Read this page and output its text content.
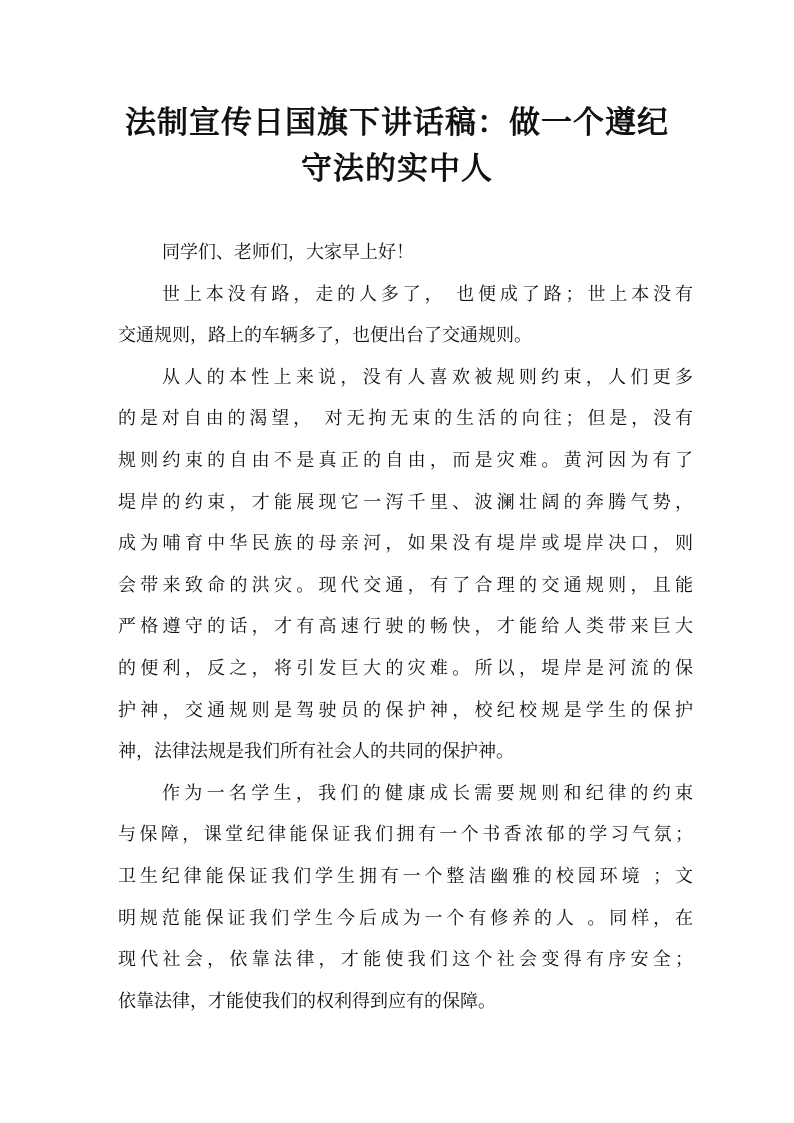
法制宣传日国旗下讲话稿：做一个遵纪
守法的实中人
同学们、老师们，大家早上好！
世上本没有路，走的人多了， 也便成了路；世上本没有
交通规则，路上的车辆多了，也便出台了交通规则。
从人的本性上来说，没有人喜欢被规则约束，人们更多
的是对自由的渴望， 对无拘无束的生活的向往；但是，没有
规则约束的自由不是真正的自由，而是灾难。黄河因为有了
堤岸的约束，才能展现它一泻千里、波澜壮阔的奔腾气势，
成为哺育中华民族的母亲河，如果没有堤岸或堤岸决口，则
会带来致命的洪灾。现代交通，有了合理的交通规则，且能
严格遵守的话，才有高速行驶的畅快，才能给人类带来巨大
的便利，反之，将引发巨大的灾难。所以，堤岸是河流的保
护神，交通规则是驾驶员的保护神，校纪校规是学生的保护
神，法律法规是我们所有社会人的共同的保护神。
作为一名学生，我们的健康成长需要规则和纪律的约束
与保障，课堂纪律能保证我们拥有一个书香浓郁的学习气氛；
卫生纪律能保证我们学生拥有一个整洁幽雅的校园环境 ；文
明规范能保证我们学生今后成为一个有修养的人 。同样，在
现代社会，依靠法律，才能使我们这个社会变得有序安全；
依靠法律，才能使我们的权利得到应有的保障。
